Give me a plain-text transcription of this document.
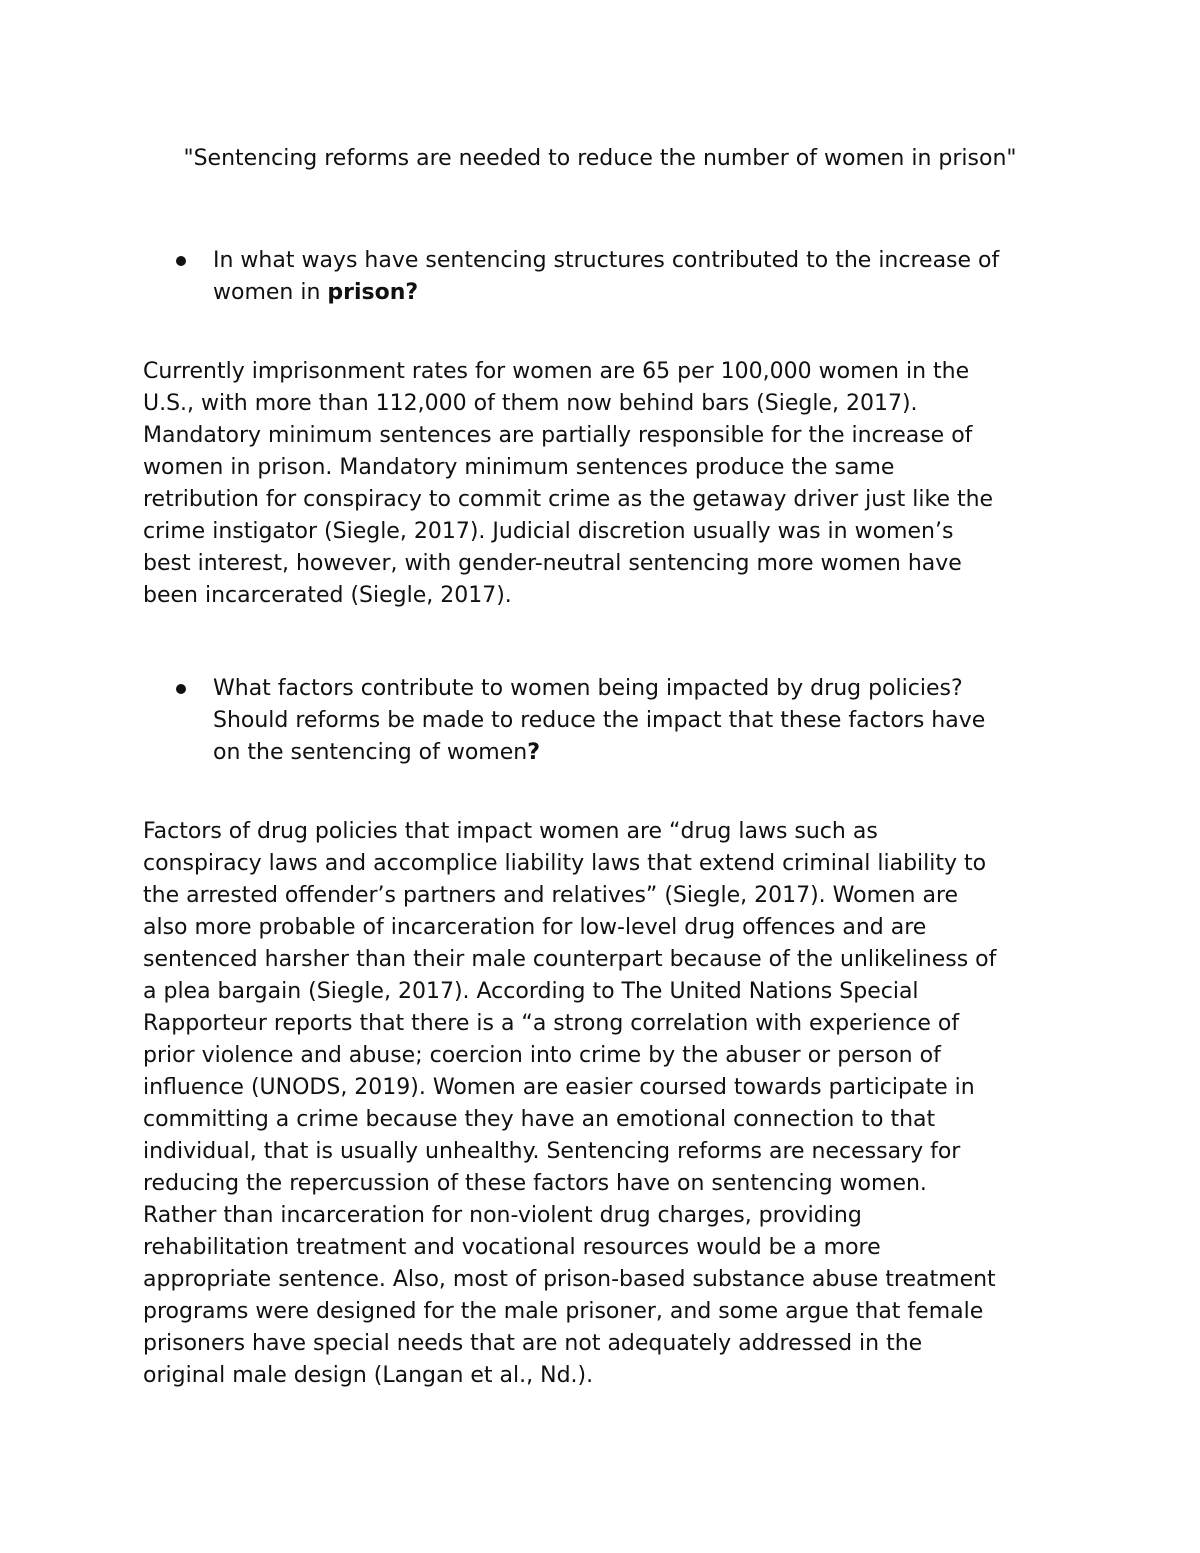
"Sentencing reforms are needed to reduce the number of women in prison"
In what ways have sentencing structures contributed to the increase of
women in prison?
Currently imprisonment rates for women are 65 per 100,000 women in the
U.S., with more than 112,000 of them now behind bars (Siegle, 2017).
Mandatory minimum sentences are partially responsible for the increase of
women in prison. Mandatory minimum sentences produce the same
retribution for conspiracy to commit crime as the getaway driver just like the
crime instigator (Siegle, 2017). Judicial discretion usually was in women’s
best interest, however, with gender-neutral sentencing more women have
been incarcerated (Siegle, 2017).
What factors contribute to women being impacted by drug policies?
Should reforms be made to reduce the impact that these factors have
on the sentencing of women?
Factors of drug policies that impact women are “drug laws such as
conspiracy laws and accomplice liability laws that extend criminal liability to
the arrested offender’s partners and relatives” (Siegle, 2017). Women are
also more probable of incarceration for low-level drug offences and are
sentenced harsher than their male counterpart because of the unlikeliness of
a plea bargain (Siegle, 2017). According to The United Nations Special
Rapporteur reports that there is a “a strong correlation with experience of
prior violence and abuse; coercion into crime by the abuser or person of
influence (UNODS, 2019). Women are easier coursed towards participate in
committing a crime because they have an emotional connection to that
individual, that is usually unhealthy. Sentencing reforms are necessary for
reducing the repercussion of these factors have on sentencing women.
Rather than incarceration for non-violent drug charges, providing
rehabilitation treatment and vocational resources would be a more
appropriate sentence. Also, most of prison-based substance abuse treatment
programs were designed for the male prisoner, and some argue that female
prisoners have special needs that are not adequately addressed in the
original male design (Langan et al., Nd.).
